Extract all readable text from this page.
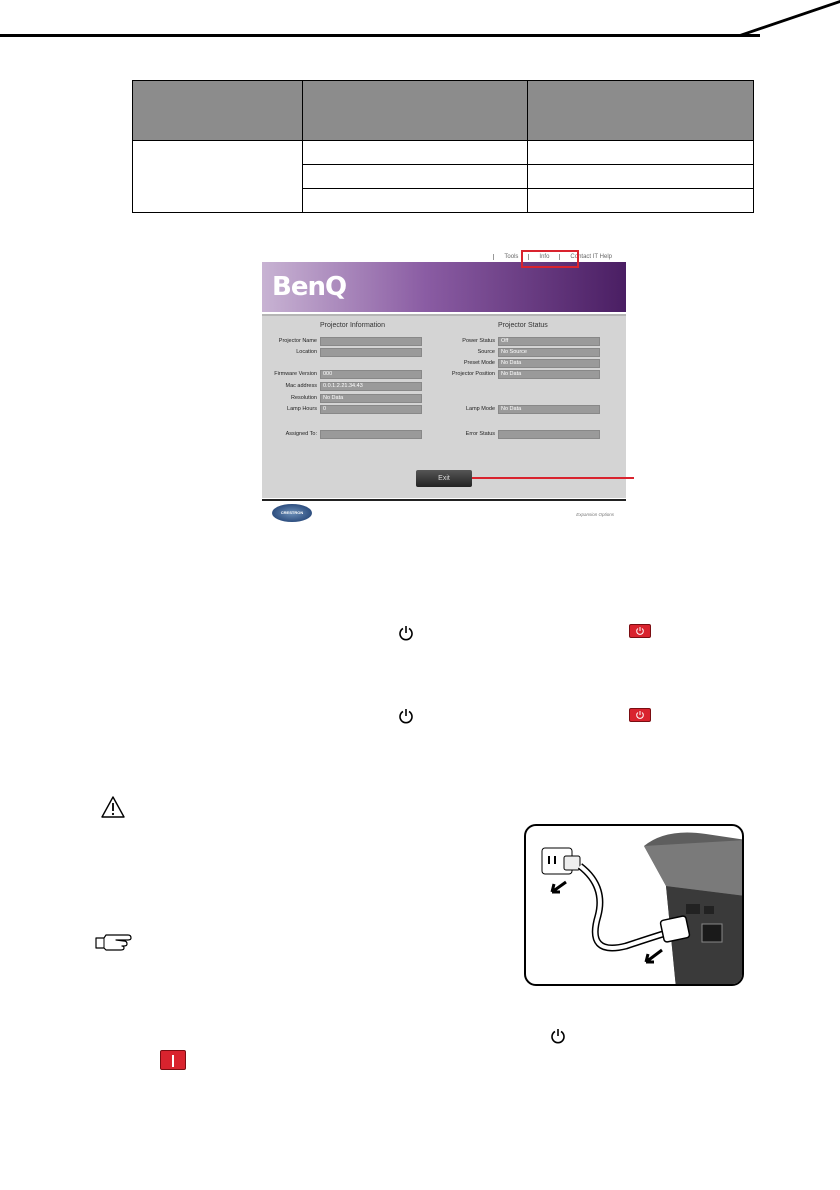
Tools	Info	Contact IT Help
BenQ
Projector Information	Projector Status
Projector Name
Location
Firmware Version	000
Mac address	0.0.1.2.21.34.43
Resolution	No Data
Lamp Hours	0
Assigned To:
Power Status	Off
Source	No Source
Preset Mode	No Data
Projector Position	No Data
Lamp Mode	No Data
Error Status
Exit
CRESTRON	Expansion Options
